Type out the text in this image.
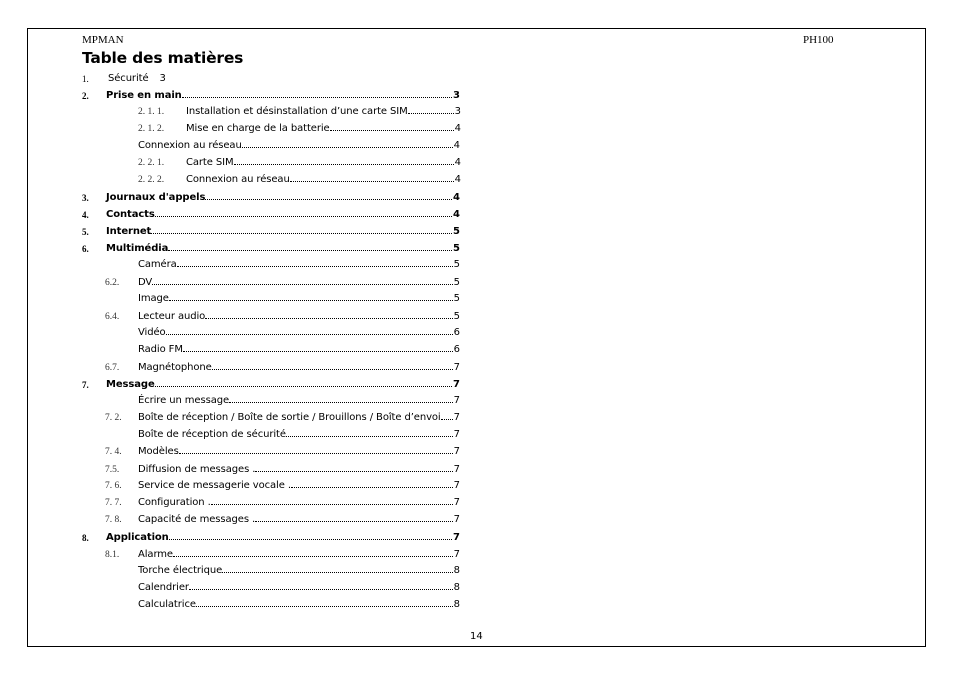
MPMAN	PH100
Table des matières
1. Sécurité 3
2. Prise en main	3
2. 1. 1. Installation et désinstallation d’une carte SIM	3
2. 1. 2. Mise en charge de la batterie	4
Connexion au réseau	4
2. 2. 1. Carte SIM	4
2. 2. 2. Connexion au réseau	4
3. Journaux d'appels	4
4. Contacts	4
5. Internet	5
6. Multimédia	5
Caméra	5
6.2. DV	5
Image	5
6.4. Lecteur audio	5
Vidéo	6
Radio FM	6
6.7. Magnétophone	7
7. Message	7
Écrire un message	7
7. 2. Boîte de réception / Boîte de sortie / Brouillons / Boîte d’envoi 7
Boîte de réception de sécurité	7
7. 4. Modèles	7
7.5. Diffusion de messages .	7
7. 6. Service de messagerie vocale .	7
7. 7. Configuration .	7
7. 8. Capacité de messages .	7
8. Application	7
8.1. Alarme	7
Torche électrique	8
Calendrier	8
Calculatrice	8
14
